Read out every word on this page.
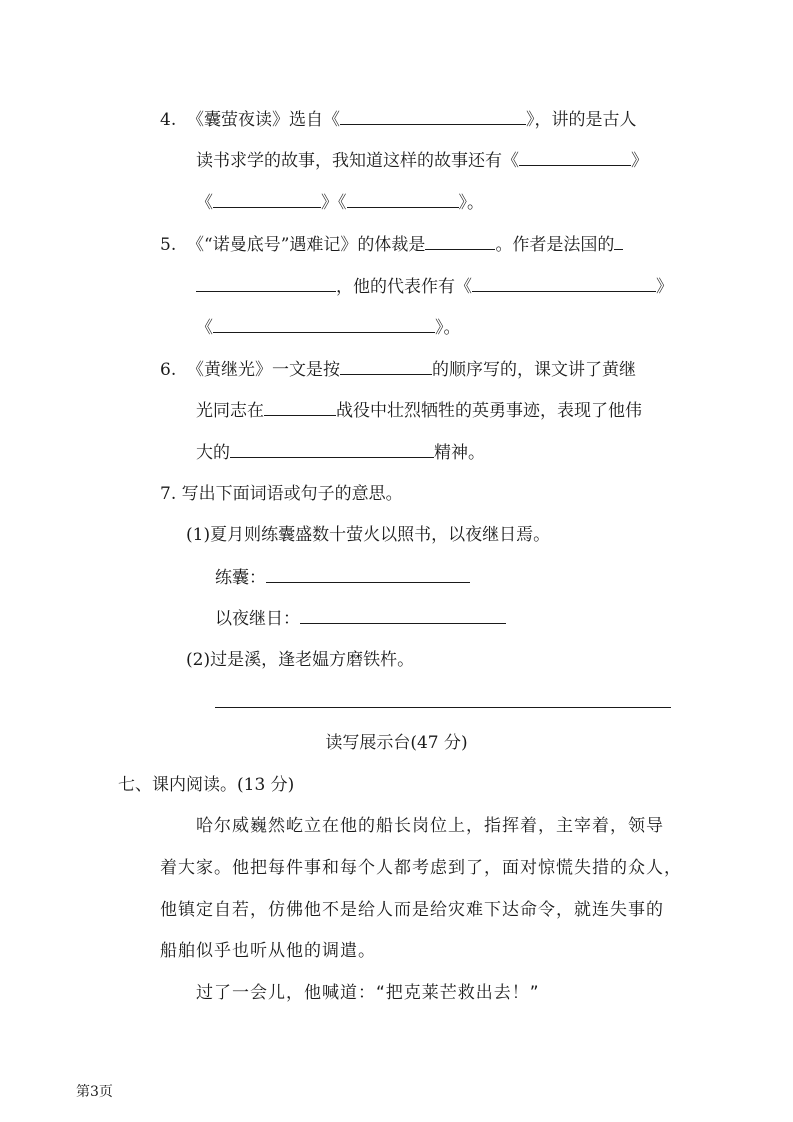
4. 《囊萤夜读》选自《	》，讲的是古人
读书求学的故事，我知道这样的故事还有《	》
《	》《	》。
5. 《“诺曼底号”遇难记》的体裁是	。作者是法国的
，他的代表作有《	》
《	》。
6. 《黄继光》一文是按	的顺序写的，课文讲了黄继
光同志在	战役中壮烈牺牲的英勇事迹，表现了他伟
大的	精神。
7. 写出下面词语或句子的意思。
(1)夏月则练囊盛数十萤火以照书，以夜继日焉。
练囊：
以夜继日：
(2)过是溪，逢老媪方磨铁杵。
读写展示台(47 分)
七、课内阅读。(13 分)
哈尔威巍然屹立在他的船长岗位上，指挥着，主宰着，领导
着大家。他把每件事和每个人都考虑到了，面对惊慌失措的众人，
他镇定自若，仿佛他不是给人而是给灾难下达命令，就连失事的
船舶似乎也听从他的调遣。
过了一会儿，他喊道：“把克莱芒救出去！”
第3页
